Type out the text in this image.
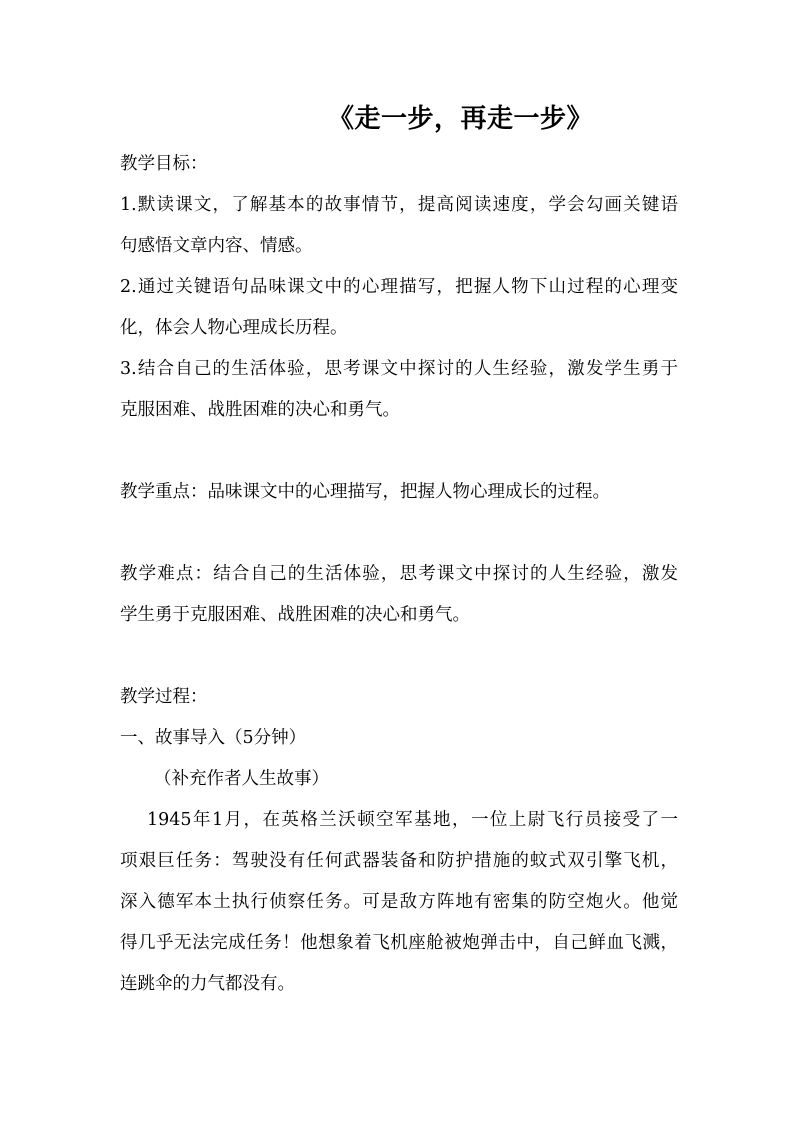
《走一步，再走一步》
教学目标：
1.默读课文，了解基本的故事情节，提高阅读速度，学会勾画关键语
句感悟文章内容、情感。
2.通过关键语句品味课文中的心理描写，把握人物下山过程的心理变
化，体会人物心理成长历程。
3.结合自己的生活体验，思考课文中探讨的人生经验，激发学生勇于
克服困难、战胜困难的决心和勇气。
教学重点：品味课文中的心理描写，把握人物心理成长的过程。
教学难点：结合自己的生活体验，思考课文中探讨的人生经验，激发
学生勇于克服困难、战胜困难的决心和勇气。
教学过程：
一、故事导入（5分钟）
（补充作者人生故事）
1945年1月，在英格兰沃顿空军基地，一位上尉飞行员接受了一
项艰巨任务：驾驶没有任何武器装备和防护措施的蚊式双引擎飞机，
深入德军本土执行侦察任务。可是敌方阵地有密集的防空炮火。他觉
得几乎无法完成任务！他想象着飞机座舱被炮弹击中，自己鲜血飞溅，
连跳伞的力气都没有。
